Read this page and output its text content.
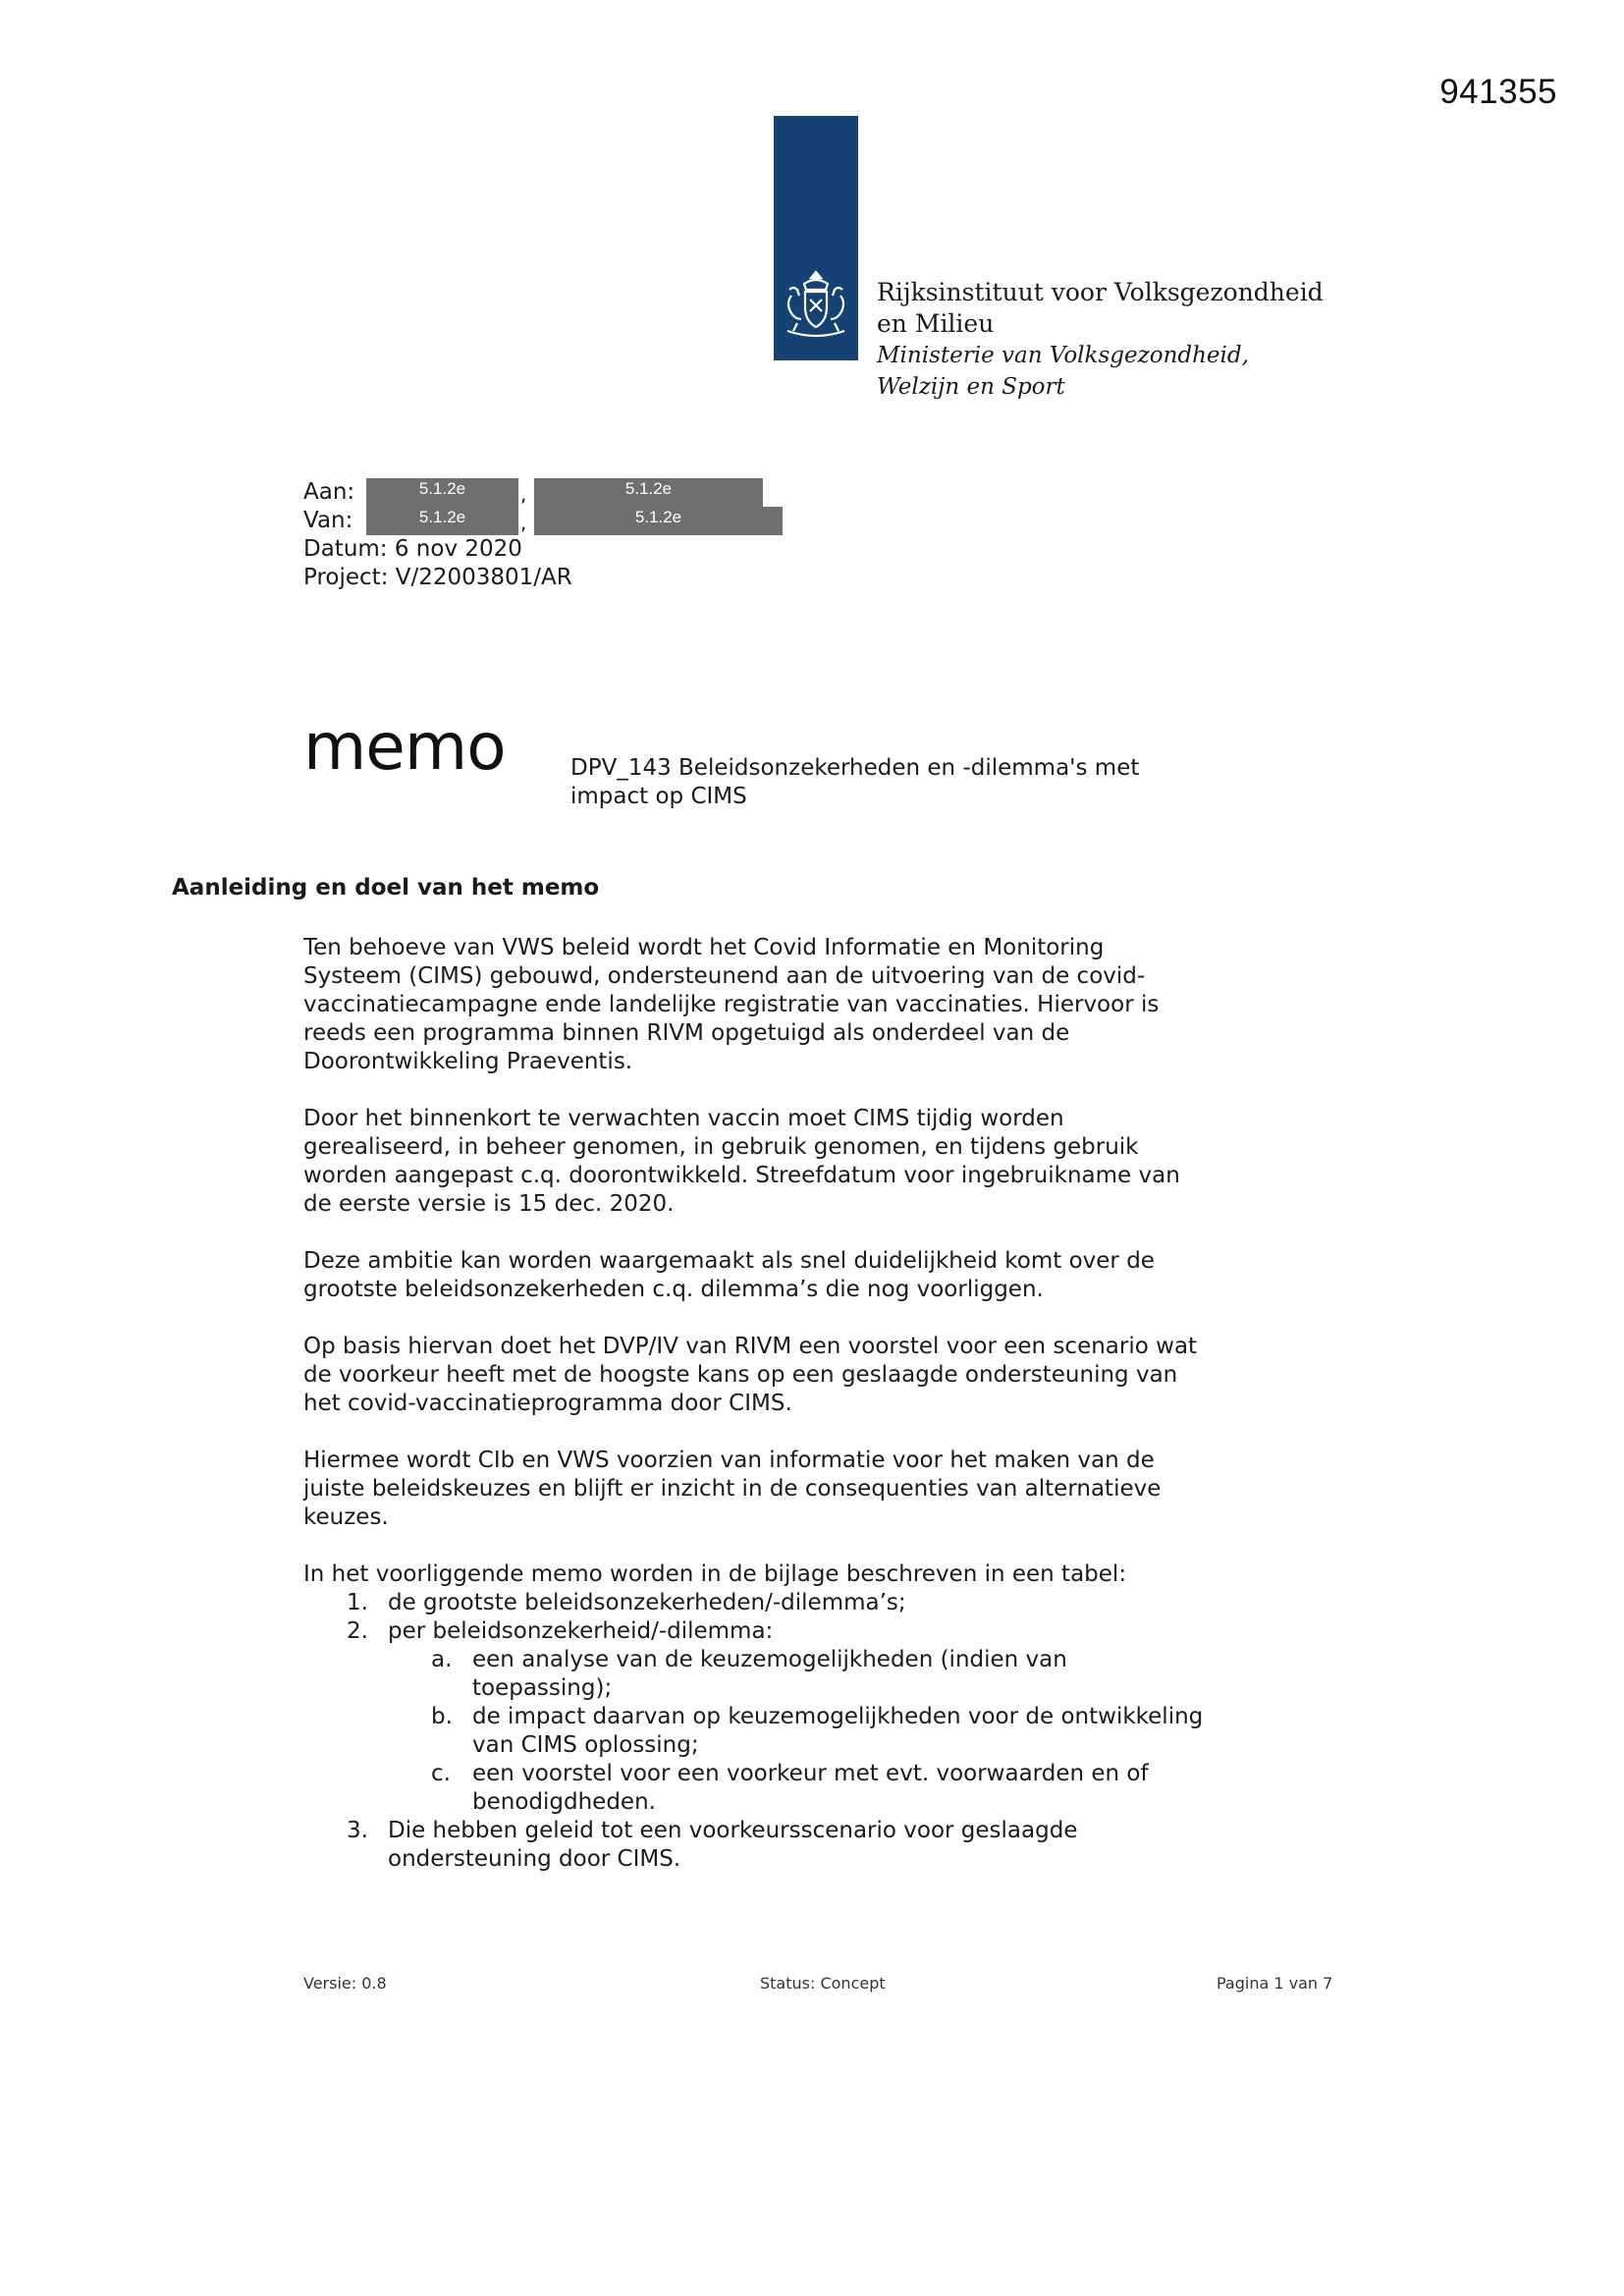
941355
Rijksinstituut voor Volksgezondheid
en Milieu
Ministerie van Volksgezondheid,
Welzijn en Sport
Aan:	5.1.2e	,	5.1.2e
Van:	5.1.2e	,	5.1.2e
Datum: 6 nov 2020
Project: V/22003801/AR
memo	DPV_143 Beleidsonzekerheden en -dilemma's met
impact op CIMS
Aanleiding en doel van het memo

Ten behoeve van VWS beleid wordt het Covid Informatie en Monitoring Systeem (CIMS) gebouwd, ondersteunend aan de uitvoering van de covid-vaccinatiecampagne ende landelijke registratie van vaccinaties. Hiervoor is reeds een programma binnen RIVM opgetuigd als onderdeel van de Doorontwikkeling Praeventis.

Door het binnenkort te verwachten vaccin moet CIMS tijdig worden gerealiseerd, in beheer genomen, in gebruik genomen, en tijdens gebruik worden aangepast c.q. doorontwikkeld. Streefdatum voor ingebruikname van de eerste versie is 15 dec. 2020.

Deze ambitie kan worden waargemaakt als snel duidelijkheid komt over de grootste beleidsonzekerheden c.q. dilemma’s die nog voorliggen.

Op basis hiervan doet het DVP/IV van RIVM een voorstel voor een scenario wat de voorkeur heeft met de hoogste kans op een geslaagde ondersteuning van het covid-vaccinatieprogramma door CIMS.

Hiermee wordt CIb en VWS voorzien van informatie voor het maken van de juiste beleidskeuzes en blijft er inzicht in de consequenties van alternatieve keuzes.

In het voorliggende memo worden in de bijlage beschreven in een tabel:

1. de grootste beleidsonzekerheden/-dilemma’s;
2. per beleidsonzekerheid/-dilemma:
a. een analyse van de keuzemogelijkheden (indien van toepassing);
b. de impact daarvan op keuzemogelijkheden voor de ontwikkeling van CIMS oplossing;
c. een voorstel voor een voorkeur met evt. voorwaarden en of benodigdheden.
3. Die hebben geleid tot een voorkeursscenario voor geslaagde ondersteuning door CIMS.
Versie: 0.8	Status: Concept	Pagina 1 van 7
